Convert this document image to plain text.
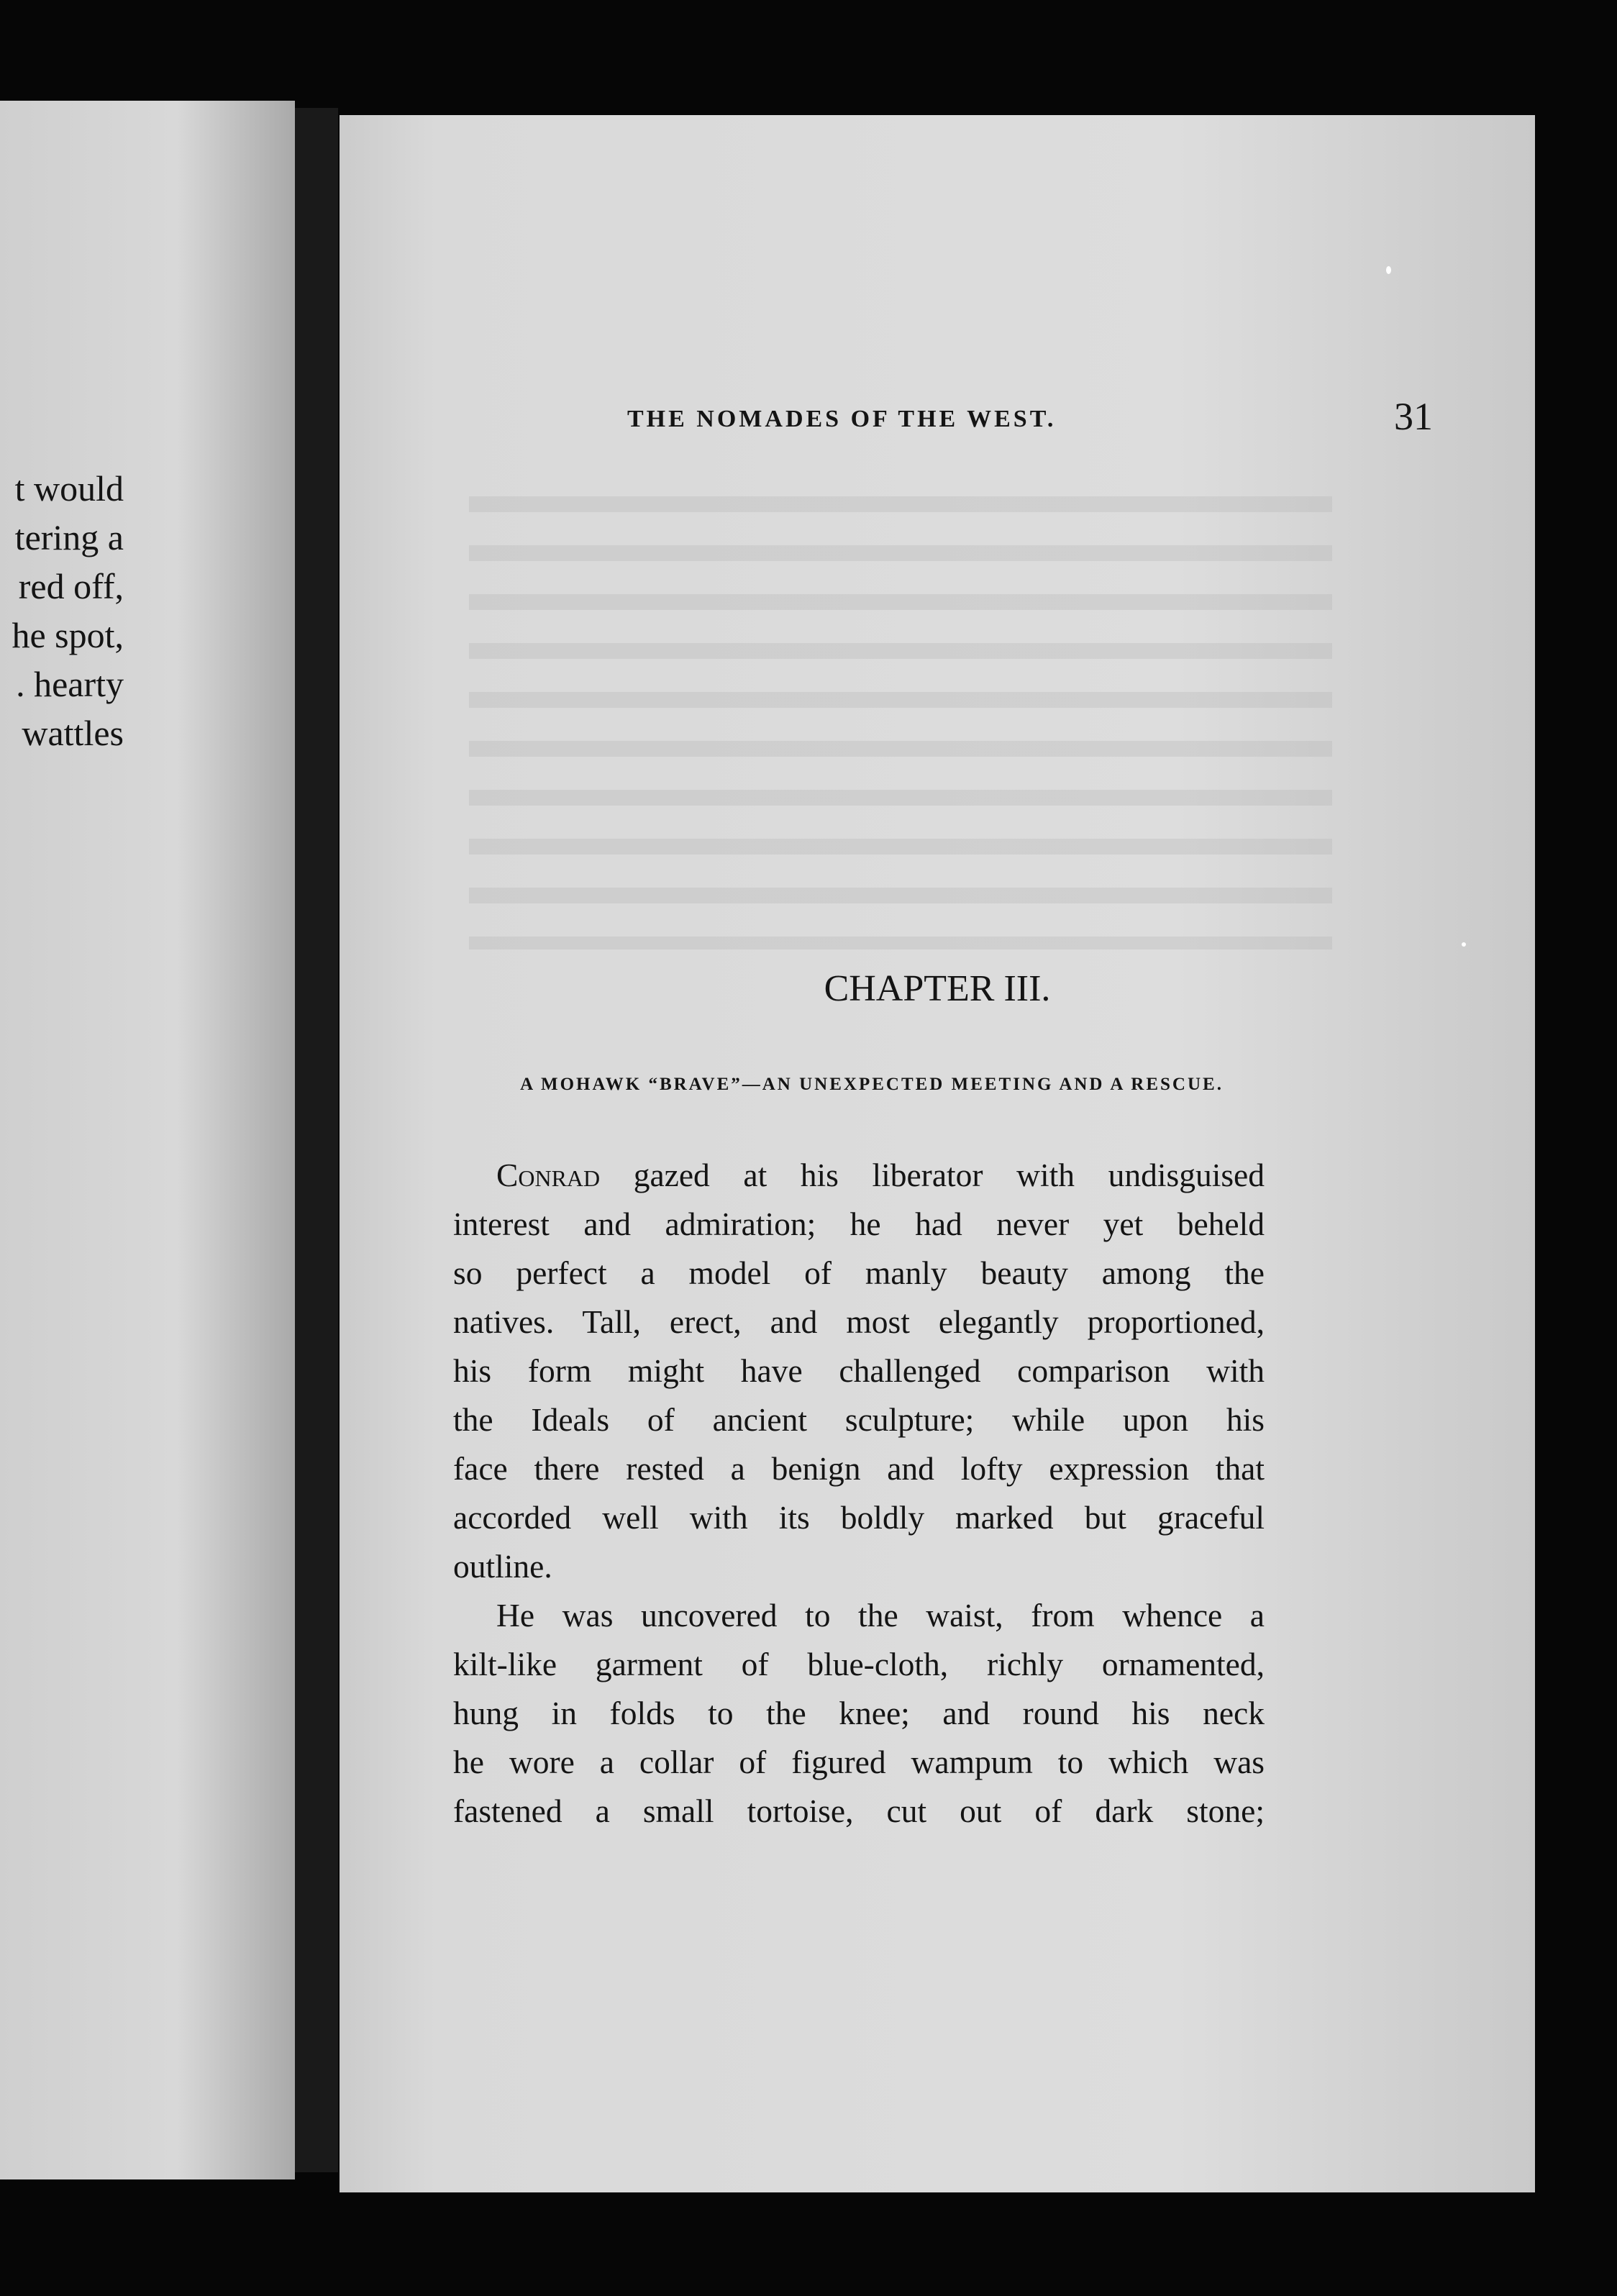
t would
tering a
red off,
he spot,
. hearty
wattles
THE NOMADES OF THE WEST.	31
CHAPTER III.
A MOHAWK “BRAVE”—AN UNEXPECTED MEETING AND A RESCUE.
Conrad gazed at his liberator with undisguised
interest and admiration; he had never yet beheld
so perfect a model of manly beauty among the
natives. Tall, erect, and most elegantly proportioned,
his form might have challenged comparison with
the Ideals of ancient sculpture; while upon his
face there rested a benign and lofty expression that
accorded well with its boldly marked but graceful
outline.
He was uncovered to the waist, from whence a
kilt-like garment of blue-cloth, richly ornamented,
hung in folds to the knee; and round his neck
he wore a collar of figured wampum to which was
fastened a small tortoise, cut out of dark stone;
